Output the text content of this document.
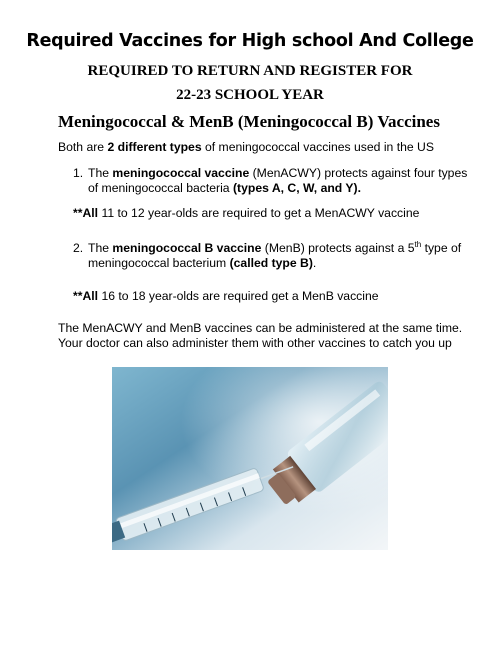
Required Vaccines for High school And College
REQUIRED TO RETURN AND REGISTER FOR
22-23 SCHOOL YEAR
Meningococcal & MenB (Meningococcal B) Vaccines

Both are 2 different types of meningococcal vaccines used in the US

1. The meningococcal vaccine (MenACWY) protects against four types of meningococcal bacteria (types A, C, W, and Y).
**All 11 to 12 year-olds are required to get a MenACWY vaccine
2. The meningococcal B vaccine (MenB) protects against a 5th type of meningococcal bacterium (called type B).
**All 16 to 18 year-olds are required get a MenB vaccine

The MenACWY and MenB vaccines can be administered at the same time. Your doctor can also administer them with other vaccines to catch you up
